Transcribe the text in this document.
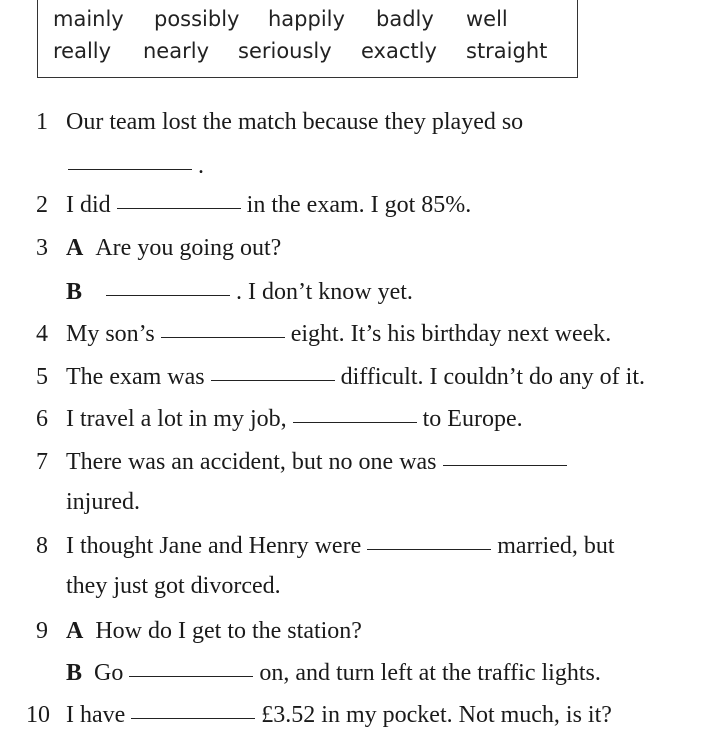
mainly possibly happily badly well
really nearly seriously exactly straight
1 Our team lost the match because they played so
.
2 I did	in the exam. I got 85%.
3 A Are you going out?
B	. I don’t know yet.
4 My son’s	eight. It’s his birthday next week.
5 The exam was	difficult. I couldn’t do any of it.
6 I travel a lot in my job,	to Europe.
7 There was an accident, but no one was
injured.
8 I thought Jane and Henry were	married, but
they just got divorced.
9 A How do I get to the station?
B Go	on, and turn left at the traffic lights.
10 I have	£3.52 in my pocket. Not much, is it?
